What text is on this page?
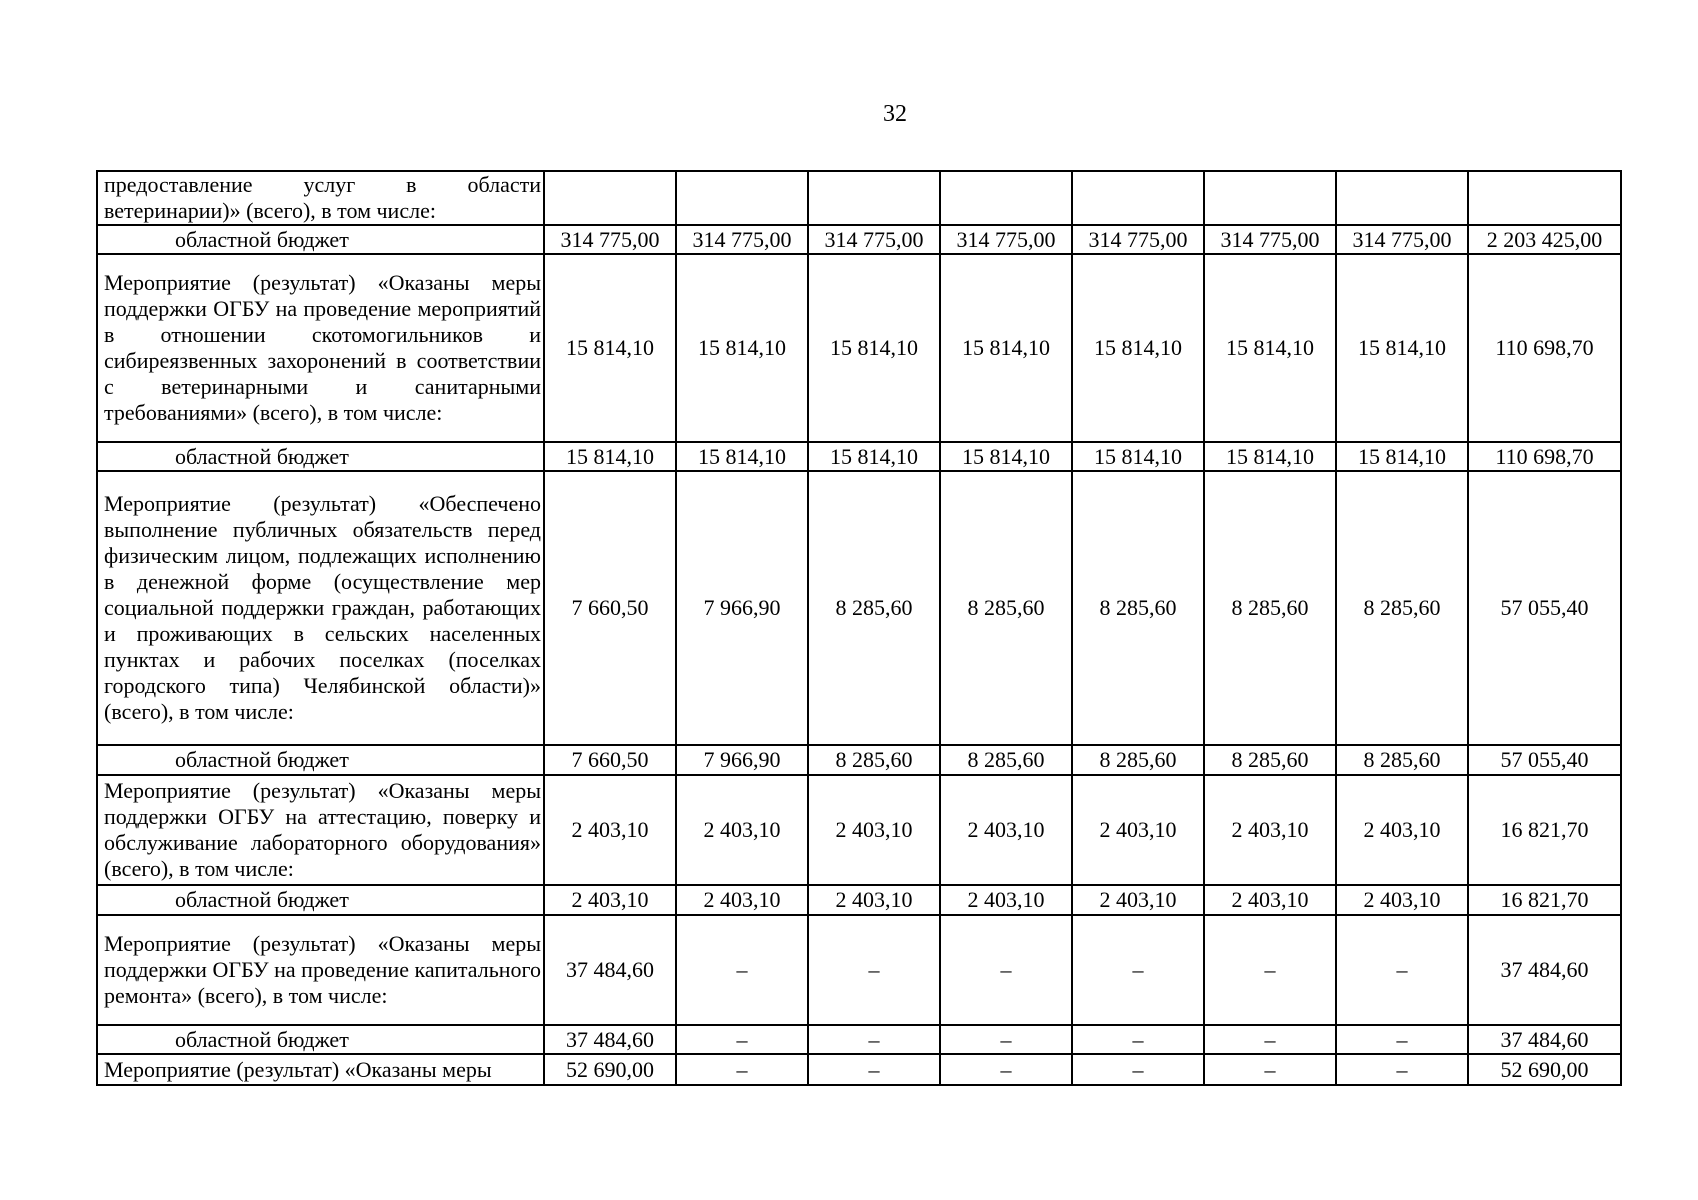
32
предоставление услуг в области ветеринарии)» (всего), в том числе:								
областной бюджет	314 775,00	314 775,00	314 775,00	314 775,00	314 775,00	314 775,00	314 775,00	2 203 425,00
Мероприятие (результат) «Оказаны меры поддержки ОГБУ на проведение мероприятий в отношении скотомогильников и сибиреязвенных захоронений в соответствии с ветеринарными и санитарными требованиями» (всего), в том числе:	15 814,10	15 814,10	15 814,10	15 814,10	15 814,10	15 814,10	15 814,10	110 698,70
областной бюджет	15 814,10	15 814,10	15 814,10	15 814,10	15 814,10	15 814,10	15 814,10	110 698,70
Мероприятие (результат) «Обеспечено выполнение публичных обязательств перед физическим лицом, подлежащих исполнению в денежной форме (осуществление мер социальной поддержки граждан, работающих и проживающих в сельских населенных пунктах и рабочих поселках (поселках городского типа) Челябинской области)» (всего), в том числе:	7 660,50	7 966,90	8 285,60	8 285,60	8 285,60	8 285,60	8 285,60	57 055,40
областной бюджет	7 660,50	7 966,90	8 285,60	8 285,60	8 285,60	8 285,60	8 285,60	57 055,40
Мероприятие (результат) «Оказаны меры поддержки ОГБУ на аттестацию, поверку и обслуживание лабораторного оборудования» (всего), в том числе:	2 403,10	2 403,10	2 403,10	2 403,10	2 403,10	2 403,10	2 403,10	16 821,70
областной бюджет	2 403,10	2 403,10	2 403,10	2 403,10	2 403,10	2 403,10	2 403,10	16 821,70
Мероприятие (результат) «Оказаны меры поддержки ОГБУ на проведение капитального ремонта» (всего), в том числе:	37 484,60	–	–	–	–	–	–	37 484,60
областной бюджет	37 484,60	–	–	–	–	–	–	37 484,60
Мероприятие (результат) «Оказаны меры	52 690,00	–	–	–	–	–	–	52 690,00
